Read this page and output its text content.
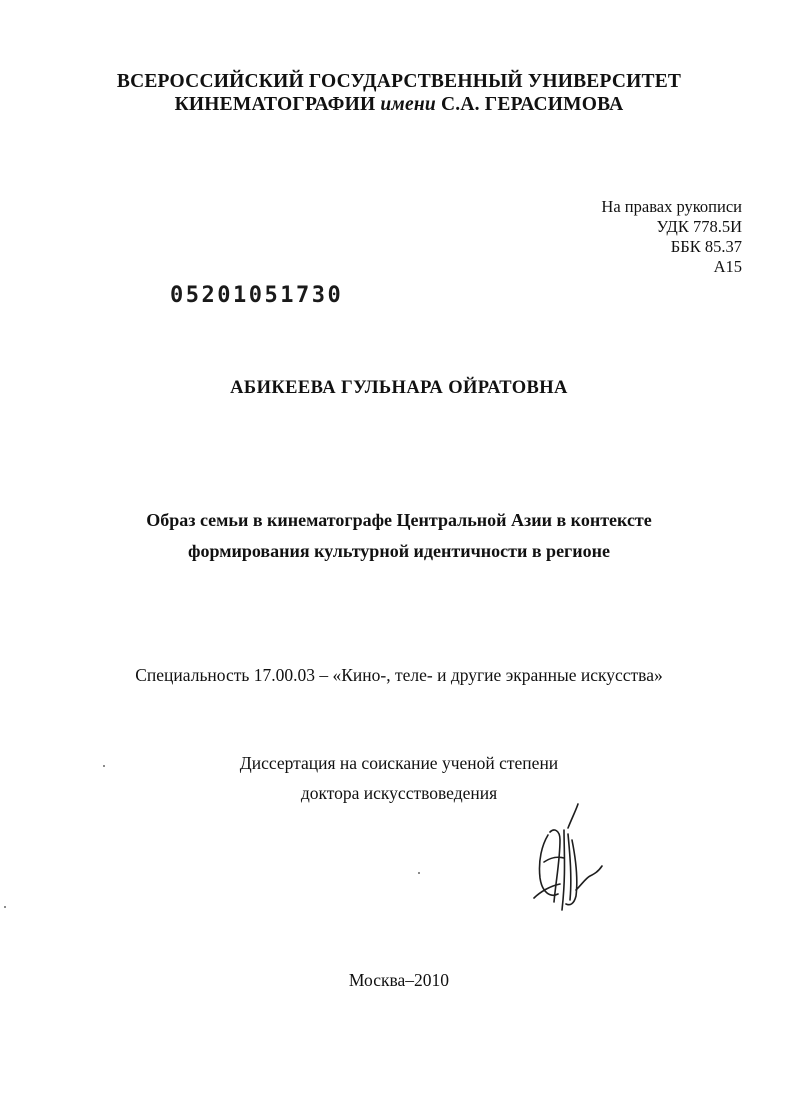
ВСЕРОССИЙСКИЙ ГОСУДАРСТВЕННЫЙ УНИВЕРСИТЕТ
КИНЕМАТОГРАФИИ имени С.А. ГЕРАСИМОВА
На правах рукописи
УДК 778.5И
ББК 85.37
А15
05201051730
АБИКЕЕВА ГУЛЬНАРА ОЙРАТОВНА
Образ семьи в кинематографе Центральной Азии в контексте
формирования культурной идентичности в регионе
Специальность 17.00.03 – «Кино-, теле- и другие экранные искусства»
Диссертация на соискание ученой степени
доктора искусствоведения
Москва–2010
